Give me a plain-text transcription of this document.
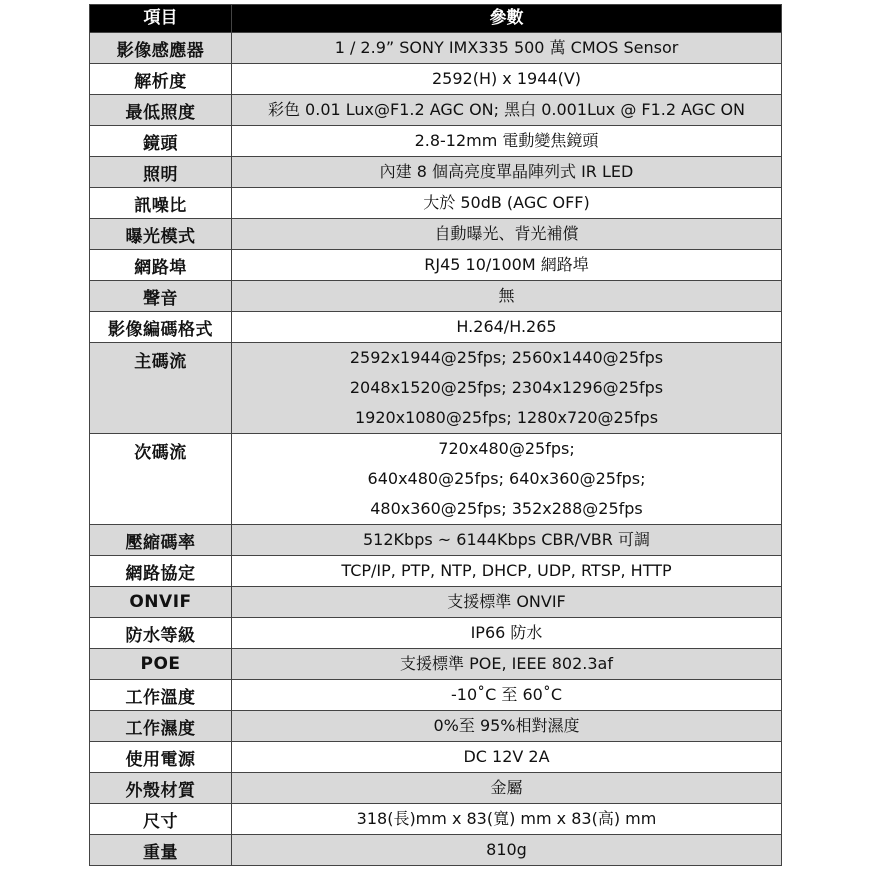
項目	參數
影像感應器	1 / 2.9” SONY IMX335 500 萬 CMOS Sensor

解析度	2592(H) x 1944(V)

最低照度	彩色 0.01 Lux@F1.2 AGC ON; 黑白 0.001Lux @ F1.2 AGC ON

鏡頭	2.8-12mm 電動變焦鏡頭

照明	內建 8 個高亮度單晶陣列式 IR LED

訊噪比	大於 50dB (AGC OFF)

曝光模式	自動曝光、背光補償

網路埠	RJ45 10/100M 網路埠

聲音	無

影像編碼格式	H.264/H.265

主碼流	2592x1944@25fps; 2560x1440@25fps
2048x1520@25fps; 2304x1296@25fps
1920x1080@25fps; 1280x720@25fps

次碼流	720x480@25fps;
640x480@25fps; 640x360@25fps;
480x360@25fps; 352x288@25fps

壓縮碼率	512Kbps ~ 6144Kbps CBR/VBR 可調

網路協定	TCP/IP, PTP, NTP, DHCP, UDP, RTSP, HTTP

ONVIF	支援標準 ONVIF

防水等級	IP66 防水

POE	支援標準 POE, IEEE 802.3af

工作溫度	-10˚C 至 60˚C

工作濕度	0%至 95%相對濕度

使用電源	DC 12V 2A

外殼材質	金屬

尺寸	318(長)mm x 83(寬) mm x 83(高) mm

重量	810g
